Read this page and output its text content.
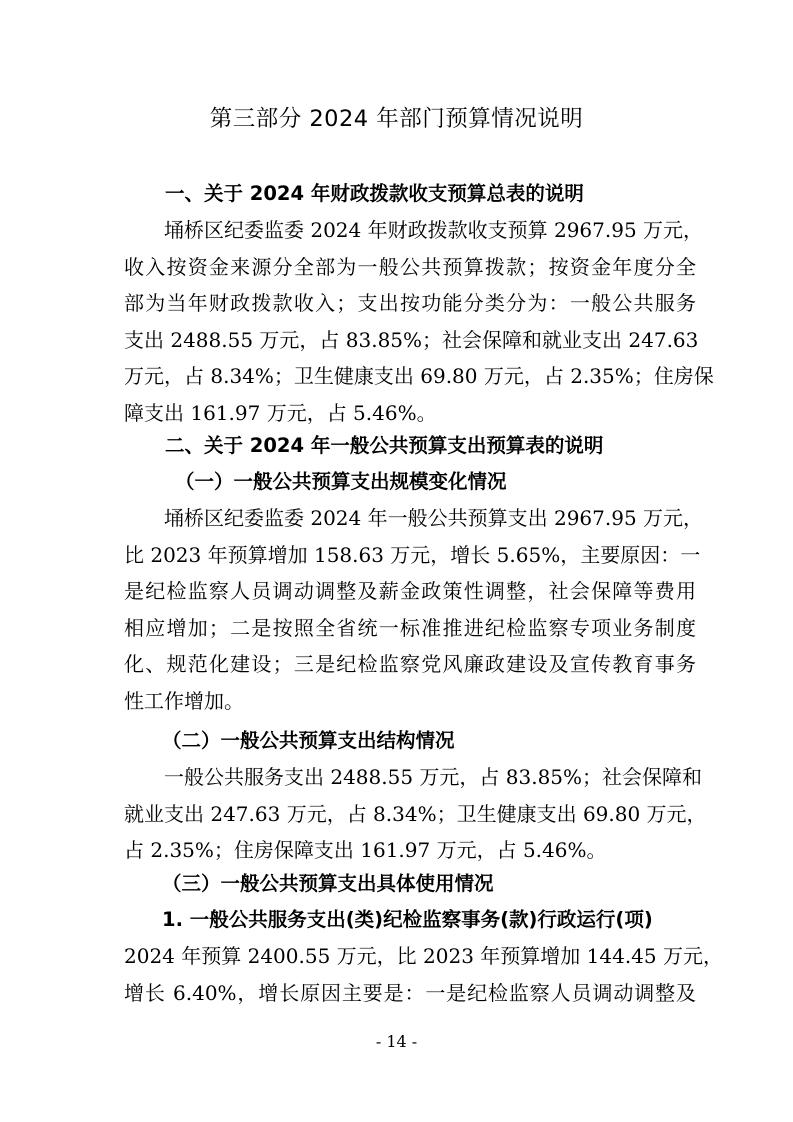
第三部分 2024 年部门预算情况说明
一、关于 2024 年财政拨款收支预算总表的说明
　　埇桥区纪委监委 2024 年财政拨款收支预算 2967.95 万元，
收入按资金来源分全部为一般公共预算拨款；按资金年度分全
部为当年财政拨款收入；支出按功能分类分为：一般公共服务
支出 2488.55 万元，占 83.85%；社会保障和就业支出 247.63
万元，占 8.34%；卫生健康支出 69.80 万元，占 2.35%；住房保
障支出 161.97 万元，占 5.46%。
二、关于 2024 年一般公共预算支出预算表的说明
（一）一般公共预算支出规模变化情况
　　埇桥区纪委监委 2024 年一般公共预算支出 2967.95 万元，
比 2023 年预算增加 158.63 万元，增长 5.65%，主要原因：一
是纪检监察人员调动调整及薪金政策性调整，社会保障等费用
相应增加；二是按照全省统一标准推进纪检监察专项业务制度
化、规范化建设；三是纪检监察党风廉政建设及宣传教育事务
性工作增加。
（二）一般公共预算支出结构情况
　　一般公共服务支出 2488.55 万元，占 83.85%；社会保障和
就业支出 247.63 万元，占 8.34%；卫生健康支出 69.80 万元，
占 2.35%；住房保障支出 161.97 万元，占 5.46%。
（三）一般公共预算支出具体使用情况
1. 一般公共服务支出(类)纪检监察事务(款)行政运行(项)
2024 年预算 2400.55 万元，比 2023 年预算增加 144.45 万元，
增长 6.40%，增长原因主要是：一是纪检监察人员调动调整及
- 14 -
